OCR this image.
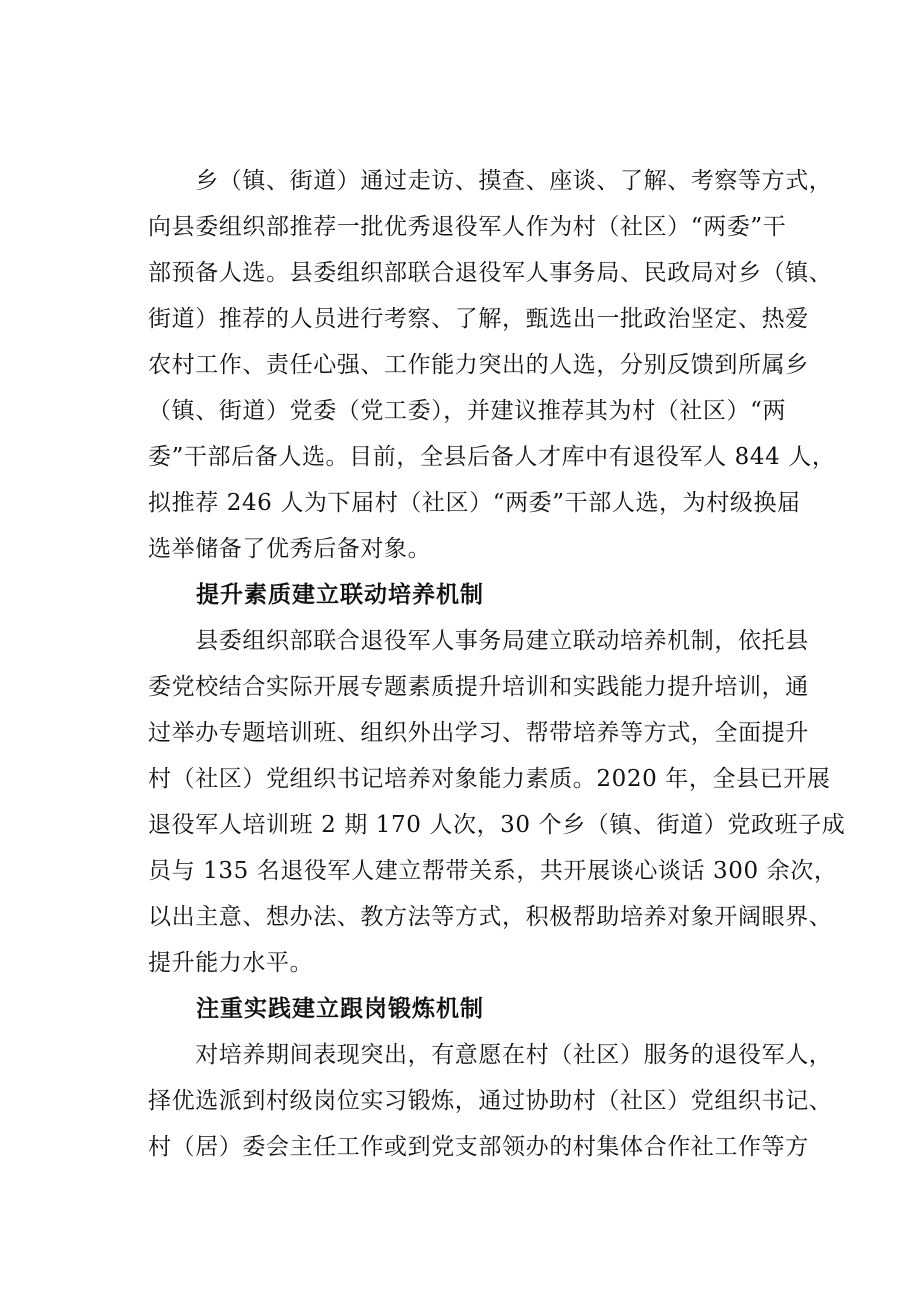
　　乡（镇、街道）通过走访、摸查、座谈、了解、考察等方式，
向县委组织部推荐一批优秀退役军人作为村（社区）“两委”干
部预备人选。县委组织部联合退役军人事务局、民政局对乡（镇、
街道）推荐的人员进行考察、了解，甄选出一批政治坚定、热爱
农村工作、责任心强、工作能力突出的人选，分别反馈到所属乡
（镇、街道）党委（党工委），并建议推荐其为村（社区）“两
委”干部后备人选。目前，全县后备人才库中有退役军人 844 人，
拟推荐 246 人为下届村（社区）“两委”干部人选，为村级换届
选举储备了优秀后备对象。
　　提升素质建立联动培养机制
　　县委组织部联合退役军人事务局建立联动培养机制，依托县
委党校结合实际开展专题素质提升培训和实践能力提升培训，通
过举办专题培训班、组织外出学习、帮带培养等方式，全面提升
村（社区）党组织书记培养对象能力素质。2020 年，全县已开展
退役军人培训班 2 期 170 人次，30 个乡（镇、街道）党政班子成
员与 135 名退役军人建立帮带关系，共开展谈心谈话 300 余次，
以出主意、想办法、教方法等方式，积极帮助培养对象开阔眼界、
提升能力水平。
　　注重实践建立跟岗锻炼机制
　　对培养期间表现突出，有意愿在村（社区）服务的退役军人，
择优选派到村级岗位实习锻炼，通过协助村（社区）党组织书记、
村（居）委会主任工作或到党支部领办的村集体合作社工作等方
